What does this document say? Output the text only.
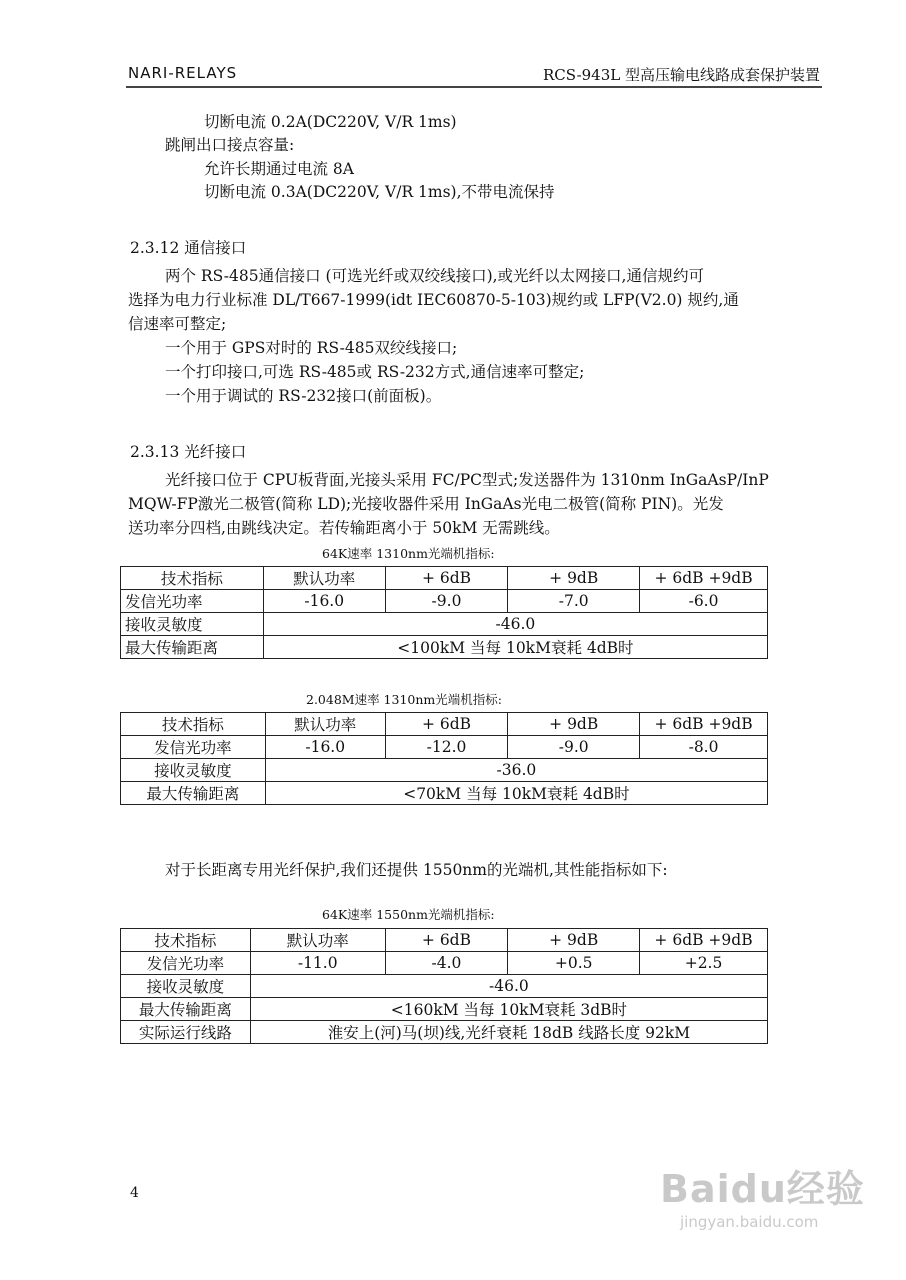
NARI-RELAYS	RCS-943L 型高压输电线路成套保护装置
切断电流 0.2A(DC220V, V/R 1ms)
跳闸出口接点容量:
允许长期通过电流 8A
切断电流 0.3A(DC220V, V/R 1ms),不带电流保持
2.3.12 通信接口
两个 RS-485通信接口 (可选光纤或双绞线接口),或光纤以太网接口,通信规约可
选择为电力行业标准 DL/T667-1999(idt IEC60870-5-103)规约或 LFP(V2.0) 规约,通
信速率可整定;
一个用于 GPS对时的 RS-485双绞线接口;
一个打印接口,可选 RS-485或 RS-232方式,通信速率可整定;
一个用于调试的 RS-232接口(前面板)。
2.3.13 光纤接口
光纤接口位于 CPU板背面,光接头采用 FC/PC型式;发送器件为 1310nm InGaAsP/InP
MQW-FP激光二极管(简称 LD);光接收器件采用 InGaAs光电二极管(简称 PIN)。光发
送功率分四档,由跳线决定。若传输距离小于 50kM 无需跳线。
64K速率 1310nm光端机指标:
技术指标	默认功率	+ 6dB	+ 9dB	+ 6dB +9dB
发信光功率	-16.0	-9.0	-7.0	-6.0
接收灵敏度	-46.0			
最大传输距离	<100kM 当每 10kM衰耗 4dB时			
2.048M速率 1310nm光端机指标:
技术指标	默认功率	+ 6dB	+ 9dB	+ 6dB +9dB
发信光功率	-16.0	-12.0	-9.0	-8.0
接收灵敏度	-36.0			
最大传输距离	<70kM 当每 10kM衰耗 4dB时			
对于长距离专用光纤保护,我们还提供 1550nm的光端机,其性能指标如下:
64K速率 1550nm光端机指标:
技术指标	默认功率	+ 6dB	+ 9dB	+ 6dB +9dB
发信光功率	-11.0	-4.0	+0.5	+2.5
接收灵敏度	-46.0			
最大传输距离	<160kM 当每 10kM衰耗 3dB时			
实际运行线路	淮安上(河)马(坝)线,光纤衰耗 18dB 线路长度 92kM			
4	Baidu经验
jingyan.baidu.com
